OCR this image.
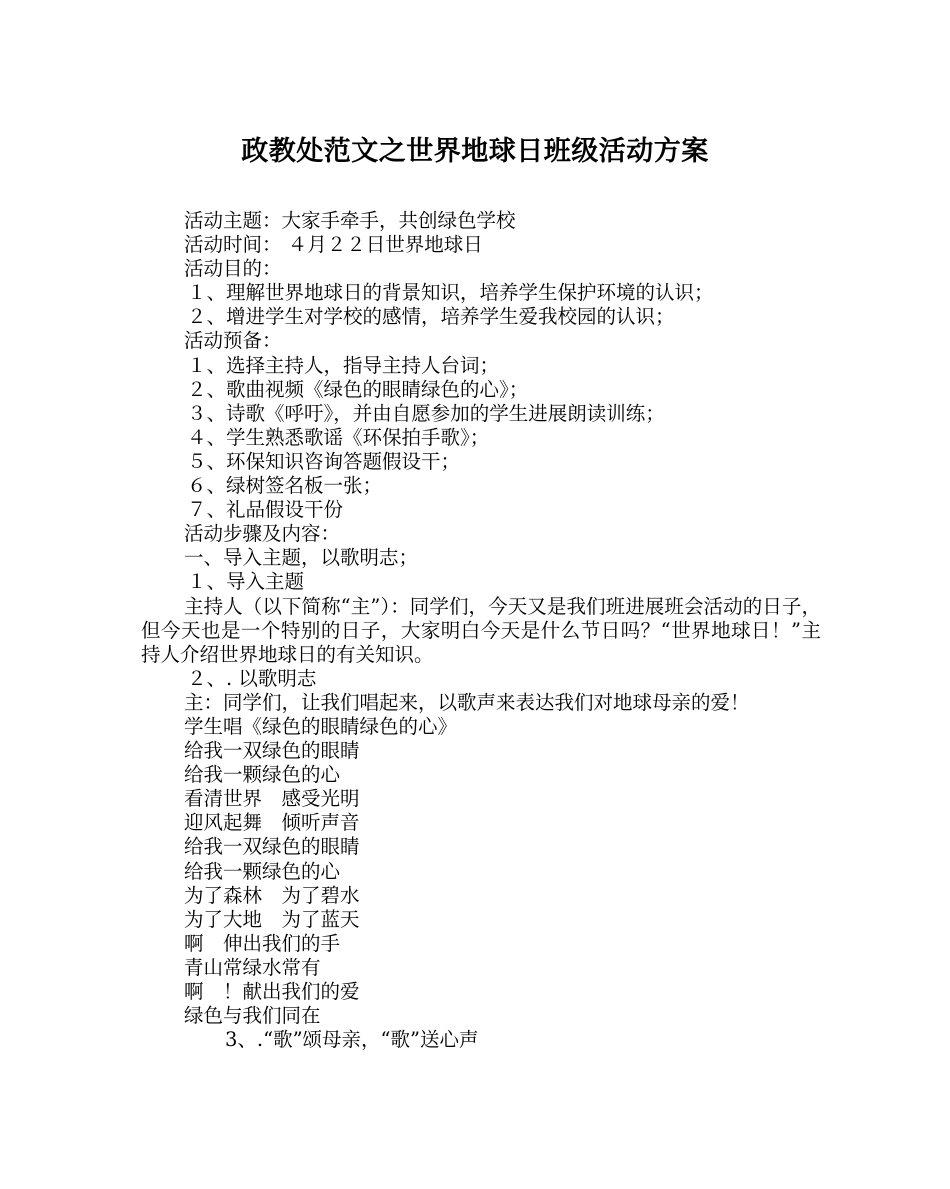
政教处范文之世界地球日班级活动方案
活动主题：大家手牵手，共创绿色学校
活动时间： ４月２２日世界地球日
活动目的：
１、理解世界地球日的背景知识，培养学生保护环境的认识；
２、增进学生对学校的感情，培养学生爱我校园的认识；
活动预备：
１、选择主持人，指导主持人台词；
２、歌曲视频《绿色的眼睛绿色的心》；
３、诗歌《呼吁》，并由自愿参加的学生进展朗读训练；
４、学生熟悉歌谣《环保拍手歌》；
５、环保知识咨询答题假设干；
６、绿树签名板一张；
７、礼品假设干份
活动步骤及内容：
一、导入主题，以歌明志；
１、导入主题
主持人（以下简称“主”）：同学们，今天又是我们班进展班会活动的日子，但今天也是一个特别的日子，大家明白今天是什么节日吗？“世界地球日！”主持人介绍世界地球日的有关知识。
２、. 以歌明志
主：同学们，让我们唱起来，以歌声来表达我们对地球母亲的爱！
学生唱《绿色的眼睛绿色的心》
给我一双绿色的眼睛
给我一颗绿色的心
看清世界　感受光明
迎风起舞　倾听声音
给我一双绿色的眼睛
给我一颗绿色的心
为了森林　为了碧水
为了大地　为了蓝天
啊　伸出我们的手
青山常绿水常有
啊　！献出我们的爱
绿色与我们同在
3、.“歌”颂母亲，“歌”送心声
